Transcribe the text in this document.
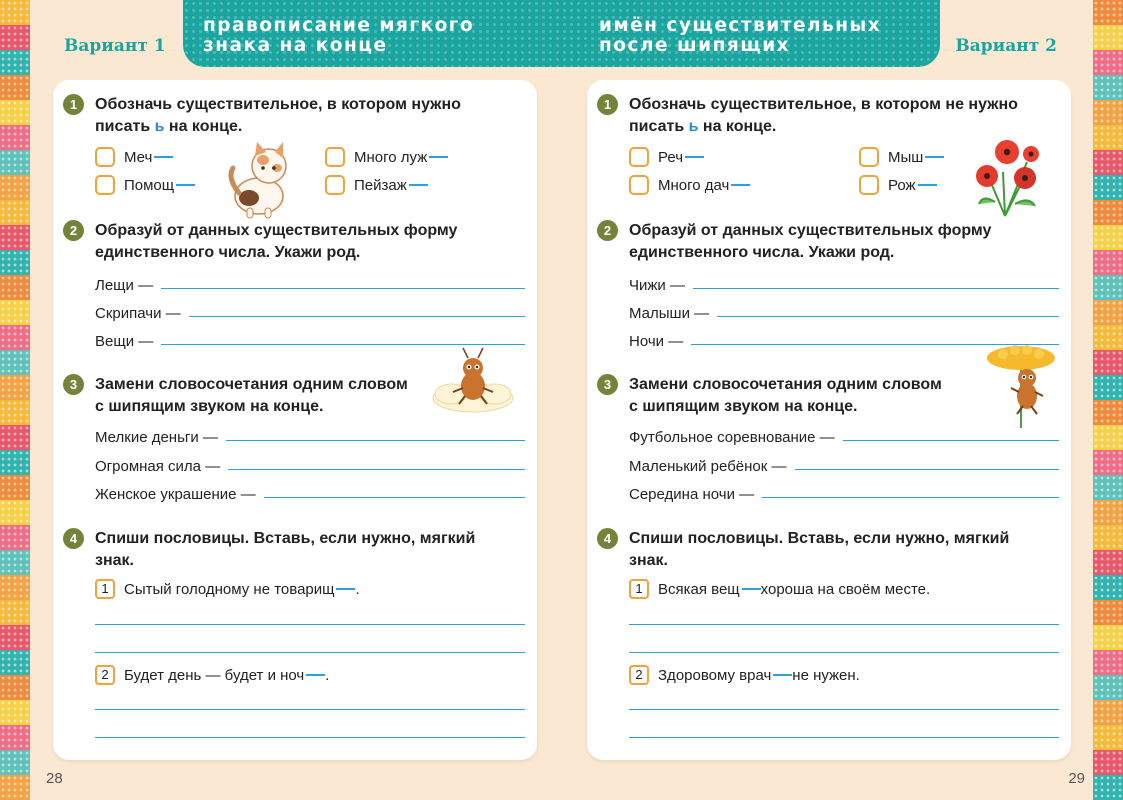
правописание мягкого знака на конце
имён существительных после шипящих
Вариант 1	Вариант 2
1	Обозначь существительное, в котором нужно
писать ь на конце.
Меч
Помощ
Много луж
Пейзаж
2	Образуй от данных существительных форму
единственного числа. Укажи род.
Лещи —
Скрипачи —
Вещи —
3	Замени словосочетания одним словом
с шипящим звуком на конце.
Мелкие деньги —
Огромная сила —
Женское украшение —
4	Спиши пословицы. Вставь, если нужно, мягкий
знак.
1	Сытый голодному не товарищ .
2	Будет день — будет и ноч .
1	Обозначь существительное, в котором не нужно
писать ь на конце.
Реч
Много дач
Мыш
Рож
2	Образуй от данных существительных форму
единственного числа. Укажи род.
Чижи —
Малыши —
Ночи —
3	Замени словосочетания одним словом
с шипящим звуком на конце.
Футбольное соревнование —
Маленький ребёнок —
Середина ночи —
4	Спиши пословицы. Вставь, если нужно, мягкий
знак.
1	Всякая вещ хороша на своём месте.
2	Здоровому врач не нужен.
28	29
